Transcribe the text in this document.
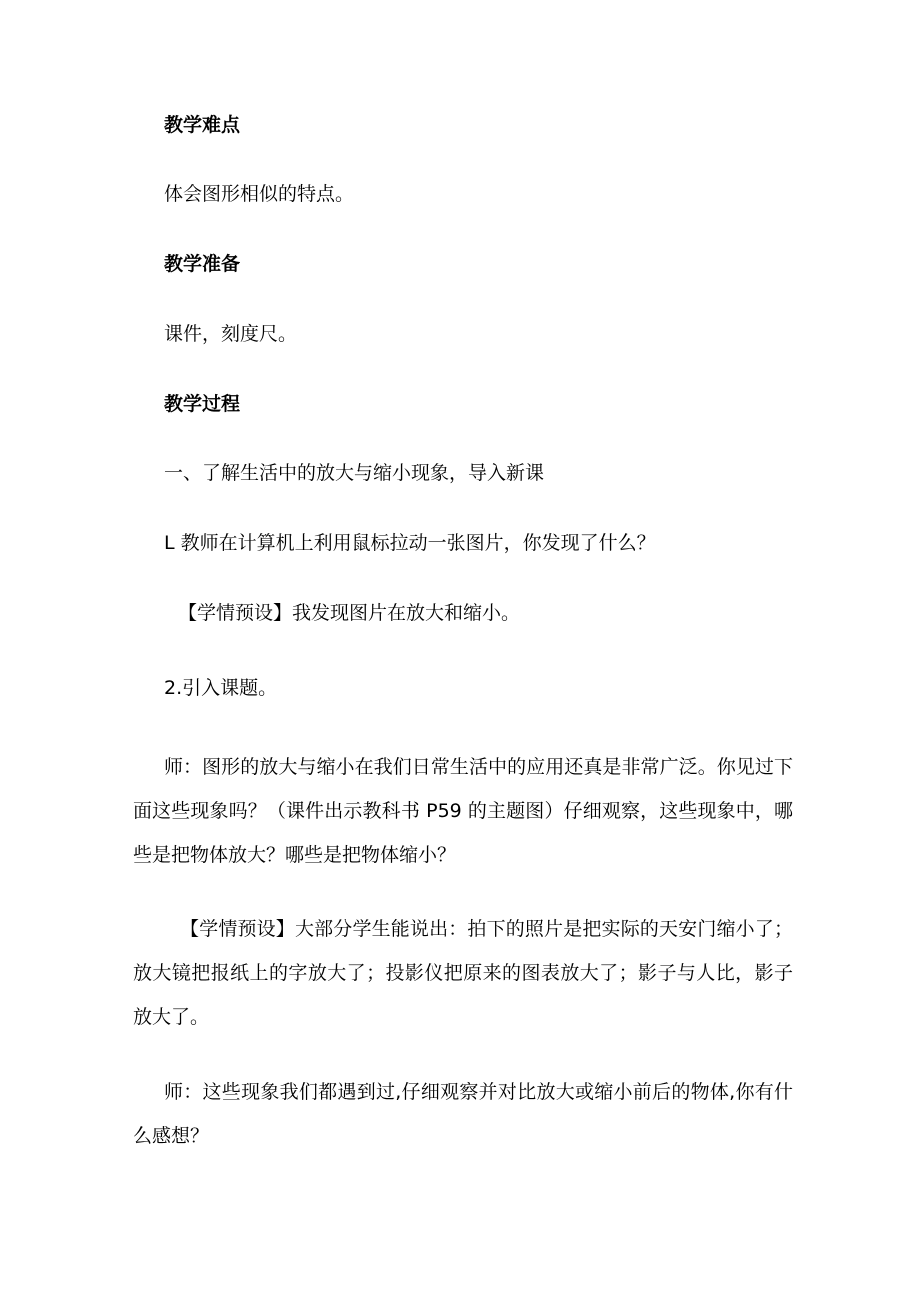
教学难点
体会图形相似的特点。
教学准备
课件，刻度尺。
教学过程
一、了解生活中的放大与缩小现象，导入新课
L 教师在计算机上利用鼠标拉动一张图片，你发现了什么？
【学情预设】我发现图片在放大和缩小。
2.引入课题。
师：图形的放大与缩小在我们日常生活中的应用还真是非常广泛。你见过下面这些现象吗？（课件出示教科书 P59 的主题图）仔细观察，这些现象中，哪些是把物体放大？哪些是把物体缩小？
【学情预设】大部分学生能说出：拍下的照片是把实际的天安门缩小了；放大镜把报纸上的字放大了；投影仪把原来的图表放大了；影子与人比，影子放大了。
师：这些现象我们都遇到过,仔细观察并对比放大或缩小前后的物体,你有什么感想？
